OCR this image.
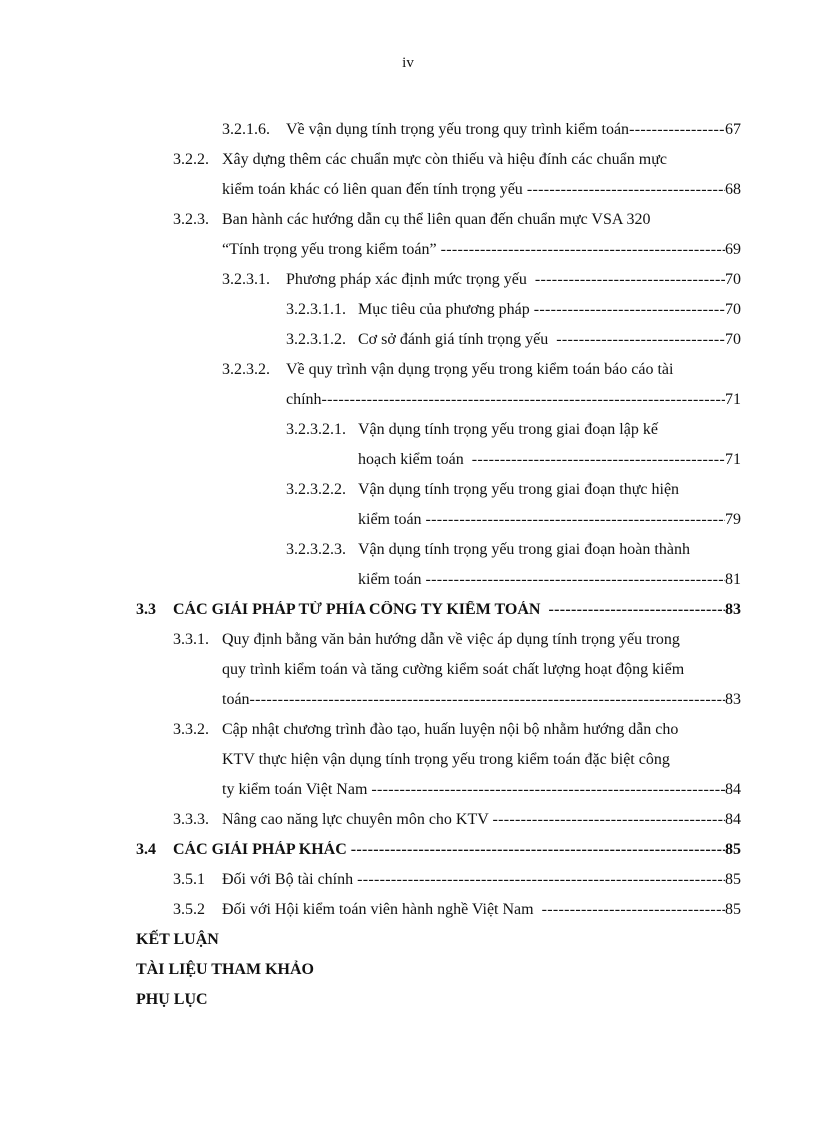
iv
3.2.1.6. Về vận dụng tính trọng yếu trong quy trình kiểm toán -----	67
3.2.2. Xây dựng thêm các chuẩn mực còn thiếu và hiệu đính các chuẩn mực
kiểm toán khác có liên quan đến tính trọng yếu -----	68
3.2.3. Ban hành các hướng dẫn cụ thể liên quan đến chuẩn mực VSA 320
“Tính trọng yếu trong kiểm toán” -----	69
3.2.3.1. Phương pháp xác định mức trọng yếu -----	70
3.2.3.1.1. Mục tiêu của phương pháp -----	70
3.2.3.1.2. Cơ sở đánh giá tính trọng yếu -----	70
3.2.3.2. Về quy trình vận dụng trọng yếu trong kiểm toán báo cáo tài
chính -----	71
3.2.3.2.1. Vận dụng tính trọng yếu trong giai đoạn lập kế
hoạch kiểm toán -----	71
3.2.3.2.2. Vận dụng tính trọng yếu trong giai đoạn thực hiện
kiểm toán -----	79
3.2.3.2.3. Vận dụng tính trọng yếu trong giai đoạn hoàn thành
kiểm toán -----	81
3.3 CÁC GIẢI PHÁP TỪ PHÍA CÔNG TY KIỂM TOÁN -----	83
3.3.1. Quy định bằng văn bản hướng dẫn về việc áp dụng tính trọng yếu trong
quy trình kiểm toán và tăng cường kiểm soát chất lượng hoạt động kiểm
toán -----	83
3.3.2. Cập nhật chương trình đào tạo, huấn luyện nội bộ nhằm hướng dẫn cho
KTV thực hiện vận dụng tính trọng yếu trong kiểm toán đặc biệt công
ty kiểm toán Việt Nam -----	84
3.3.3. Nâng cao năng lực chuyên môn cho KTV -----	84
3.4 CÁC GIẢI PHÁP KHÁC -----	85
3.5.1 Đối với Bộ tài chính -----	85
3.5.2 Đối với Hội kiểm toán viên hành nghề Việt Nam -----	85
KẾT LUẬN
TÀI LIỆU THAM KHẢO
PHỤ LỤC
